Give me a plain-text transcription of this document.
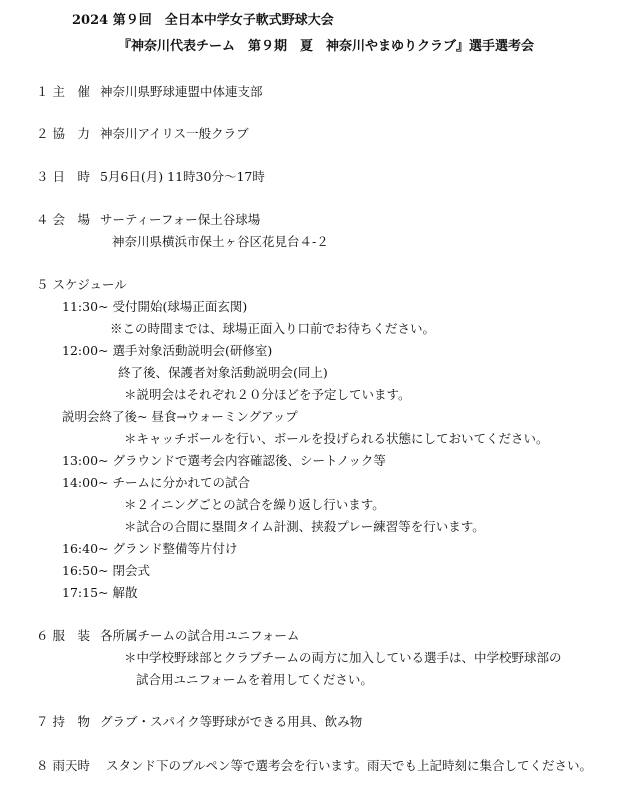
2024 第９回　全日本中学女子軟式野球大会
『神奈川代表チーム　第９期　夏　神奈川やまゆりクラブ』選手選考会
１ 主　催 神奈川県野球連盟中体連支部
２ 協　力 神奈川アイリス一般クラブ
３ 日　時 5月6日(月) 11時30分～17時
４ 会　場 サーティーフォー保土谷球場
神奈川県横浜市保土ヶ谷区花見台４‐２
５ スケジュール
11:30~ 受付開始(球場正面玄関)
※この時間までは、球場正面入り口前でお待ちください。
12:00~ 選手対象活動説明会(研修室)
終了後、保護者対象活動説明会(同上)
＊説明会はそれぞれ２０分ほどを予定しています。
説明会終了後~ 昼食→ウォーミングアップ
＊キャッチボールを行い、ボールを投げられる状態にしておいてください。
13:00~ グラウンドで選考会内容確認後、シートノック等
14:00~ チームに分かれての試合
＊２イニングごとの試合を繰り返し行います。
＊試合の合間に塁間タイム計測、挟殺プレー練習等を行います。
16:40~ グランド整備等片付け
16:50~ 閉会式
17:15~ 解散
６ 服　装 各所属チームの試合用ユニフォーム
＊中学校野球部とクラブチームの両方に加入している選手は、中学校野球部の
試合用ユニフォームを着用してください。
７ 持　物 グラブ・スパイク等野球ができる用具、飲み物
８ 雨天時 スタンド下のブルペン等で選考会を行います。雨天でも上記時刻に集合してください。
